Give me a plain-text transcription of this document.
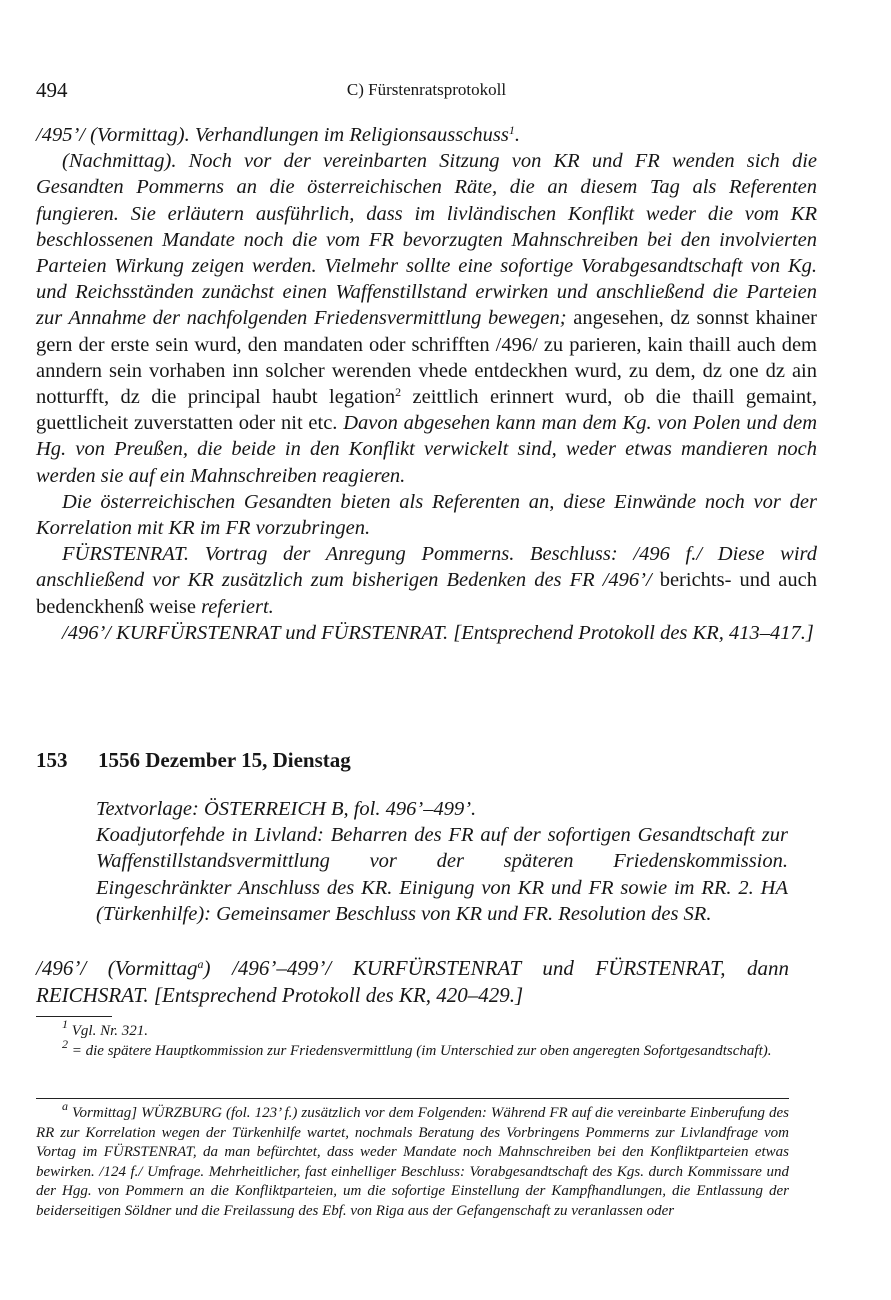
494	C) Fürstenratsprotokoll

/495’/ (Vormittag). Verhandlungen im Religionsausschuss$^1$.

(Nachmittag). Noch vor der vereinbarten Sitzung von KR und FR wenden sich die Gesandten Pommerns an die österreichischen Räte, die an diesem Tag als Referenten fungieren. Sie erläutern ausführlich, dass im livländischen Konflikt weder die vom KR beschlossenen Mandate noch die vom FR bevorzugten Mahnschreiben bei den involvierten Parteien Wirkung zeigen werden. Vielmehr sollte eine sofortige Vorabgesandtschaft von Kg. und Reichsständen zunächst einen Waffenstillstand erwirken und anschließend die Parteien zur Annahme der nachfolgenden Friedensvermittlung bewegen; angesehen, dz sonnst khainer gern der erste sein wurd, den mandaten oder schrifften /496/ zu parieren, kain thaill auch dem anndern sein vorhaben inn solcher werenden vhede entdeckhen wurd, zu dem, dz one dz ain notturfft, dz die principal haubt legation$^2$ zeittlich erinnert wurd, ob die thaill gemaint, guettlicheit zuverstatten oder nit etc. Davon abgesehen kann man dem Kg. von Polen und dem Hg. von Preußen, die beide in den Konflikt verwickelt sind, weder etwas mandieren noch werden sie auf ein Mahnschreiben reagieren.

Die österreichischen Gesandten bieten als Referenten an, diese Einwände noch vor der Korrelation mit KR im FR vorzubringen.

FÜRSTENRAT. Vortrag der Anregung Pommerns. Beschluss: /496 f./ Diese wird anschließend vor KR zusätzlich zum bisherigen Bedenken des FR /496’/ berichts- und auch bedenckhenß weise referiert.

/496’/ KURFÜRSTENRAT und FÜRSTENRAT. [Entsprechend Protokoll des KR, 413–417.]

153 1556 Dezember 15, Dienstag

Textvorlage: ÖSTERREICH B, fol. 496’–499’.

Koadjutorfehde in Livland: Beharren des FR auf der sofortigen Gesandtschaft zur Waffenstillstandsvermittlung vor der späteren Friedenskommission. Eingeschränkter Anschluss des KR. Einigung von KR und FR sowie im RR. 2. HA (Türkenhilfe): Gemeinsamer Beschluss von KR und FR. Resolution des SR.

/496’/ (Vormittag$^a$) /496’–499’/ KURFÜRSTENRAT und FÜRSTENRAT, dann REICHSRAT. [Entsprechend Protokoll des KR, 420–429.]

$^1$ Vgl. Nr. 321.

$^2$ = die spätere Hauptkommission zur Friedensvermittlung (im Unterschied zur oben angeregten Sofortgesandtschaft).

$^a$ Vormittag] WÜRZBURG (fol. 123’ f.) zusätzlich vor dem Folgenden: Während FR auf die vereinbarte Einberufung des RR zur Korrelation wegen der Türkenhilfe wartet, nochmals Beratung des Vorbringens Pommerns zur Livlandfrage vom Vortag im FÜRSTENRAT, da man befürchtet, dass weder Mandate noch Mahnschreiben bei den Konfliktparteien etwas bewirken. /124 f./ Umfrage. Mehrheitlicher, fast einhelliger Beschluss: Vorabgesandtschaft des Kgs. durch Kommissare und der Hgg. von Pommern an die Konfliktparteien, um die sofortige Einstellung der Kampfhandlungen, die Entlassung der beiderseitigen Söldner und die Freilassung des Ebf. von Riga aus der Gefangenschaft zu veranlassen oder
